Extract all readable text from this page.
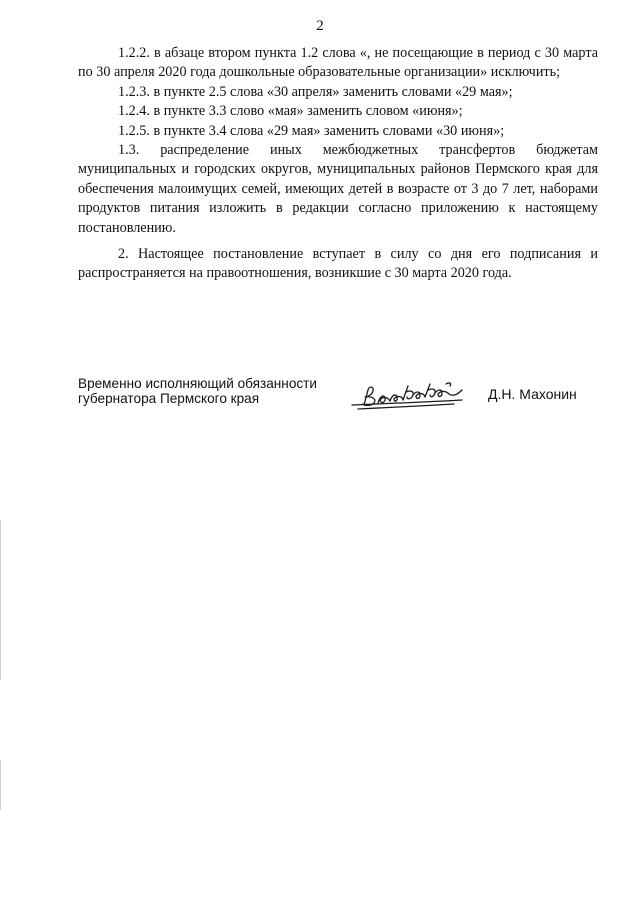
2

1.2.2. в абзаце втором пункта 1.2 слова «, не посещающие в период с 30 марта по 30 апреля 2020 года дошкольные образовательные организации» исключить;

1.2.3. в пункте 2.5 слова «30 апреля» заменить словами «29 мая»;

1.2.4. в пункте 3.3 слово «мая» заменить словом «июня»;

1.2.5. в пункте 3.4 слова «29 мая» заменить словами «30 июня»;

1.3. распределение иных межбюджетных трансфертов бюджетам муниципальных и городских округов, муниципальных районов Пермского края для обеспечения малоимущих семей, имеющих детей в возрасте от 3 до 7 лет, наборами продуктов питания изложить в редакции согласно приложению к настоящему постановлению.

2. Настоящее постановление вступает в силу со дня его подписания и распространяется на правоотношения, возникшие с 30 марта 2020 года.

Временно исполняющий обязанности
губернатора Пермского края	Д.Н. Махонин
